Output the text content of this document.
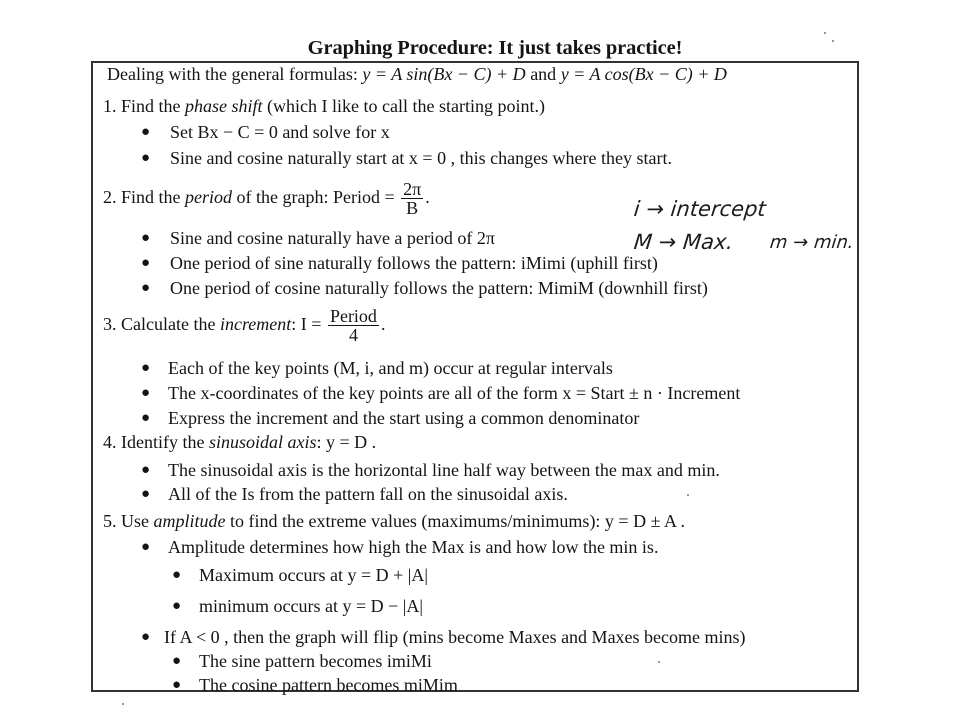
Graphing Procedure: It just takes practice!
Dealing with the general formulas: y = A sin(Bx − C) + D and y = A cos(Bx − C) + D
1. Find the phase shift (which I like to call the starting point.)
● Set Bx − C = 0 and solve for x
● Sine and cosine naturally start at x = 0 , this changes where they start.
2. Find the period of the graph: Period = $\frac{2\pi}{B}$ .
● Sine and cosine naturally have a period of 2π
● One period of sine naturally follows the pattern: iMimi (uphill first)
● One period of cosine naturally follows the pattern: MimiM (downhill first)
3. Calculate the increment: $I = \frac{\text{Period}}{4}$ .
● Each of the key points (M, i, and m) occur at regular intervals
● The x-coordinates of the key points are all of the form x = Start ± n · Increment
● Express the increment and the start using a common denominator
4. Identify the sinusoidal axis: y = D .
● The sinusoidal axis is the horizontal line half way between the max and min.
● All of the Is from the pattern fall on the sinusoidal axis.
5. Use amplitude to find the extreme values (maximums/minimums): y = D ± A .
● Amplitude determines how high the Max is and how low the min is.
● Maximum occurs at y = D + |A|
● minimum occurs at y = D − |A|
● If A < 0 , then the graph will flip (mins become Maxes and Maxes become mins)
● The sine pattern becomes imiMi
● The cosine pattern becomes miMim
i → intercept
M → Max. m → min.
